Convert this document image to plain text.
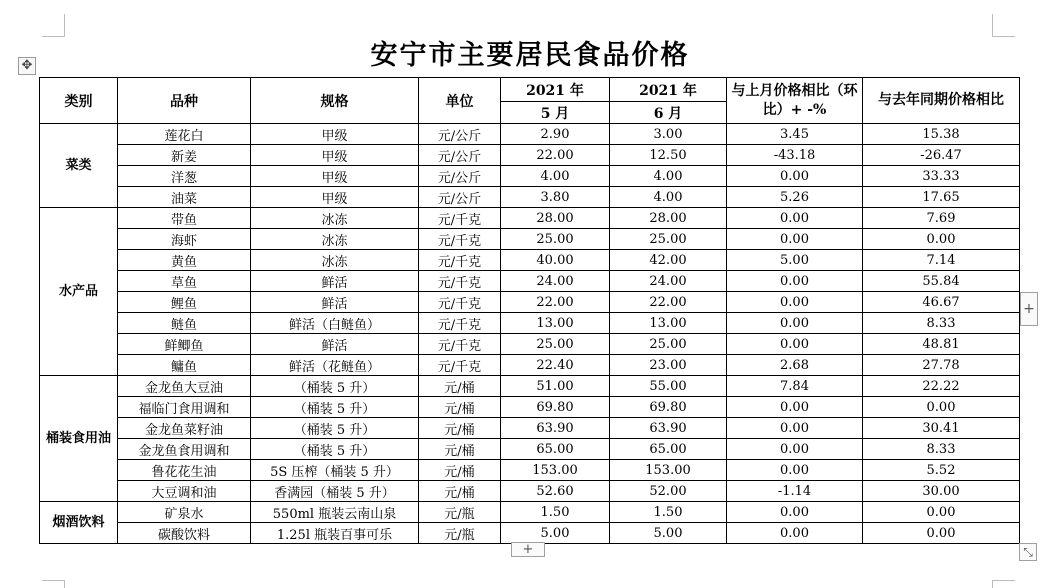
✥	安宁市主要居民食品价格
类别	品种	规格	单位	2021 年	2021 年	与上月价格相比（环比）+ -%	与去年同期价格相比
				5 月	6 月		
菜类	莲花白	甲级	元/公斤	2.90	3.00	3.45	15.38
	新姜	甲级	元/公斤	22.00	12.50	-43.18	-26.47
	洋葱	甲级	元/公斤	4.00	4.00	0.00	33.33
	油菜	甲级	元/公斤	3.80	4.00	5.26	17.65
水产品	带鱼	冰冻	元/千克	28.00	28.00	0.00	7.69
	海虾	冰冻	元/千克	25.00	25.00	0.00	0.00
	黄鱼	冰冻	元/千克	40.00	42.00	5.00	7.14
	草鱼	鲜活	元/千克	24.00	24.00	0.00	55.84
	鲤鱼	鲜活	元/千克	22.00	22.00	0.00	46.67
	鲢鱼	鲜活（白鲢鱼）	元/千克	13.00	13.00	0.00	8.33
	鲜鲫鱼	鲜活	元/千克	25.00	25.00	0.00	48.81
	鳙鱼	鲜活（花鲢鱼）	元/千克	22.40	23.00	2.68	27.78
桶装食用油	金龙鱼大豆油	（桶装 5 升）	元/桶	51.00	55.00	7.84	22.22
	福临门食用调和	（桶装 5 升）	元/桶	69.80	69.80	0.00	0.00
	金龙鱼菜籽油	（桶装 5 升）	元/桶	63.90	63.90	0.00	30.41
	金龙鱼食用调和	（桶装 5 升）	元/桶	65.00	65.00	0.00	8.33
	鲁花花生油	5S 压榨（桶装 5 升）	元/桶	153.00	153.00	0.00	5.52
	大豆调和油	香满园（桶装 5 升）	元/桶	52.60	52.00	-1.14	30.00
烟酒饮料	矿泉水	550ml 瓶装云南山泉	元/瓶	1.50	1.50	0.00	0.00
	碳酸饮料	1.25l 瓶装百事可乐	元/瓶	5.00	5.00	0.00	0.00
+
+
⤡
